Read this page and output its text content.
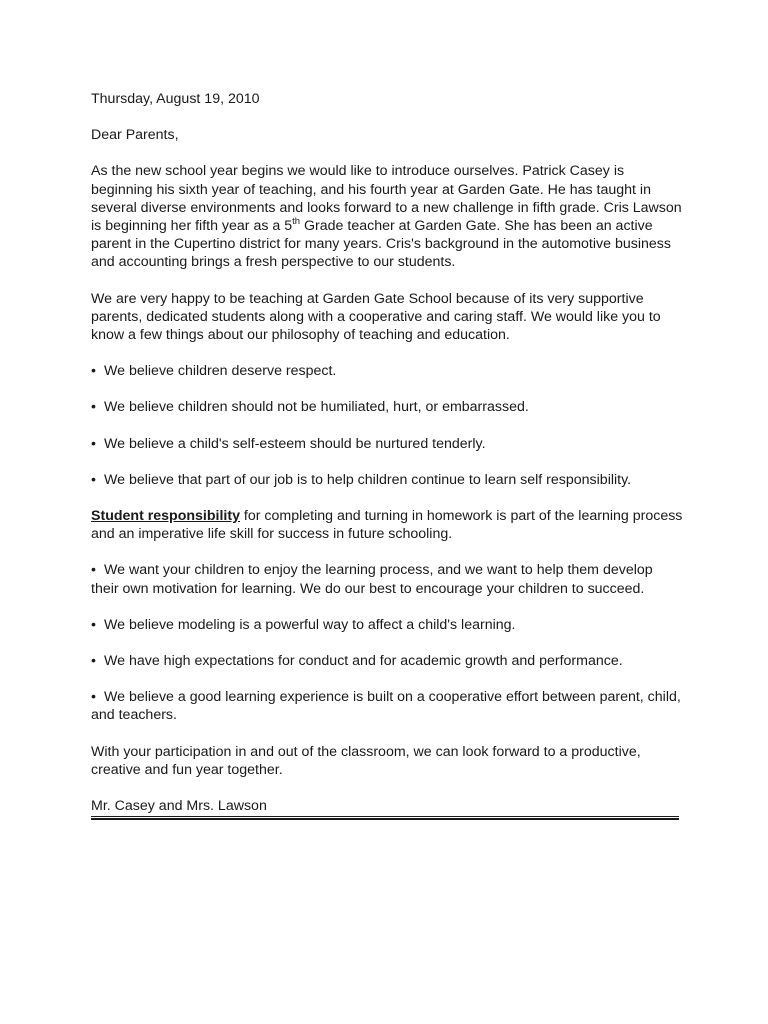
Thursday, August 19, 2010

Dear Parents,

As the new school year begins we would like to introduce ourselves. Patrick Casey is beginning his sixth year of teaching, and his fourth year at Garden Gate. He has taught in several diverse environments and looks forward to a new challenge in fifth grade. Cris Lawson is beginning her fifth year as a 5th Grade teacher at Garden Gate. She has been an active parent in the Cupertino district for many years. Cris's background in the automotive business and accounting brings a fresh perspective to our students.

We are very happy to be teaching at Garden Gate School because of its very supportive parents, dedicated students along with a cooperative and caring staff. We would like you to know a few things about our philosophy of teaching and education.

• We believe children deserve respect.

• We believe children should not be humiliated, hurt, or embarrassed.

• We believe a child's self-esteem should be nurtured tenderly.

• We believe that part of our job is to help children continue to learn self responsibility.

Student responsibility for completing and turning in homework is part of the learning process and an imperative life skill for success in future schooling.

• We want your children to enjoy the learning process, and we want to help them develop their own motivation for learning. We do our best to encourage your children to succeed.

• We believe modeling is a powerful way to affect a child's learning.

• We have high expectations for conduct and for academic growth and performance.

• We believe a good learning experience is built on a cooperative effort between parent, child, and teachers.

With your participation in and out of the classroom, we can look forward to a productive, creative and fun year together.

Mr. Casey and Mrs. Lawson
